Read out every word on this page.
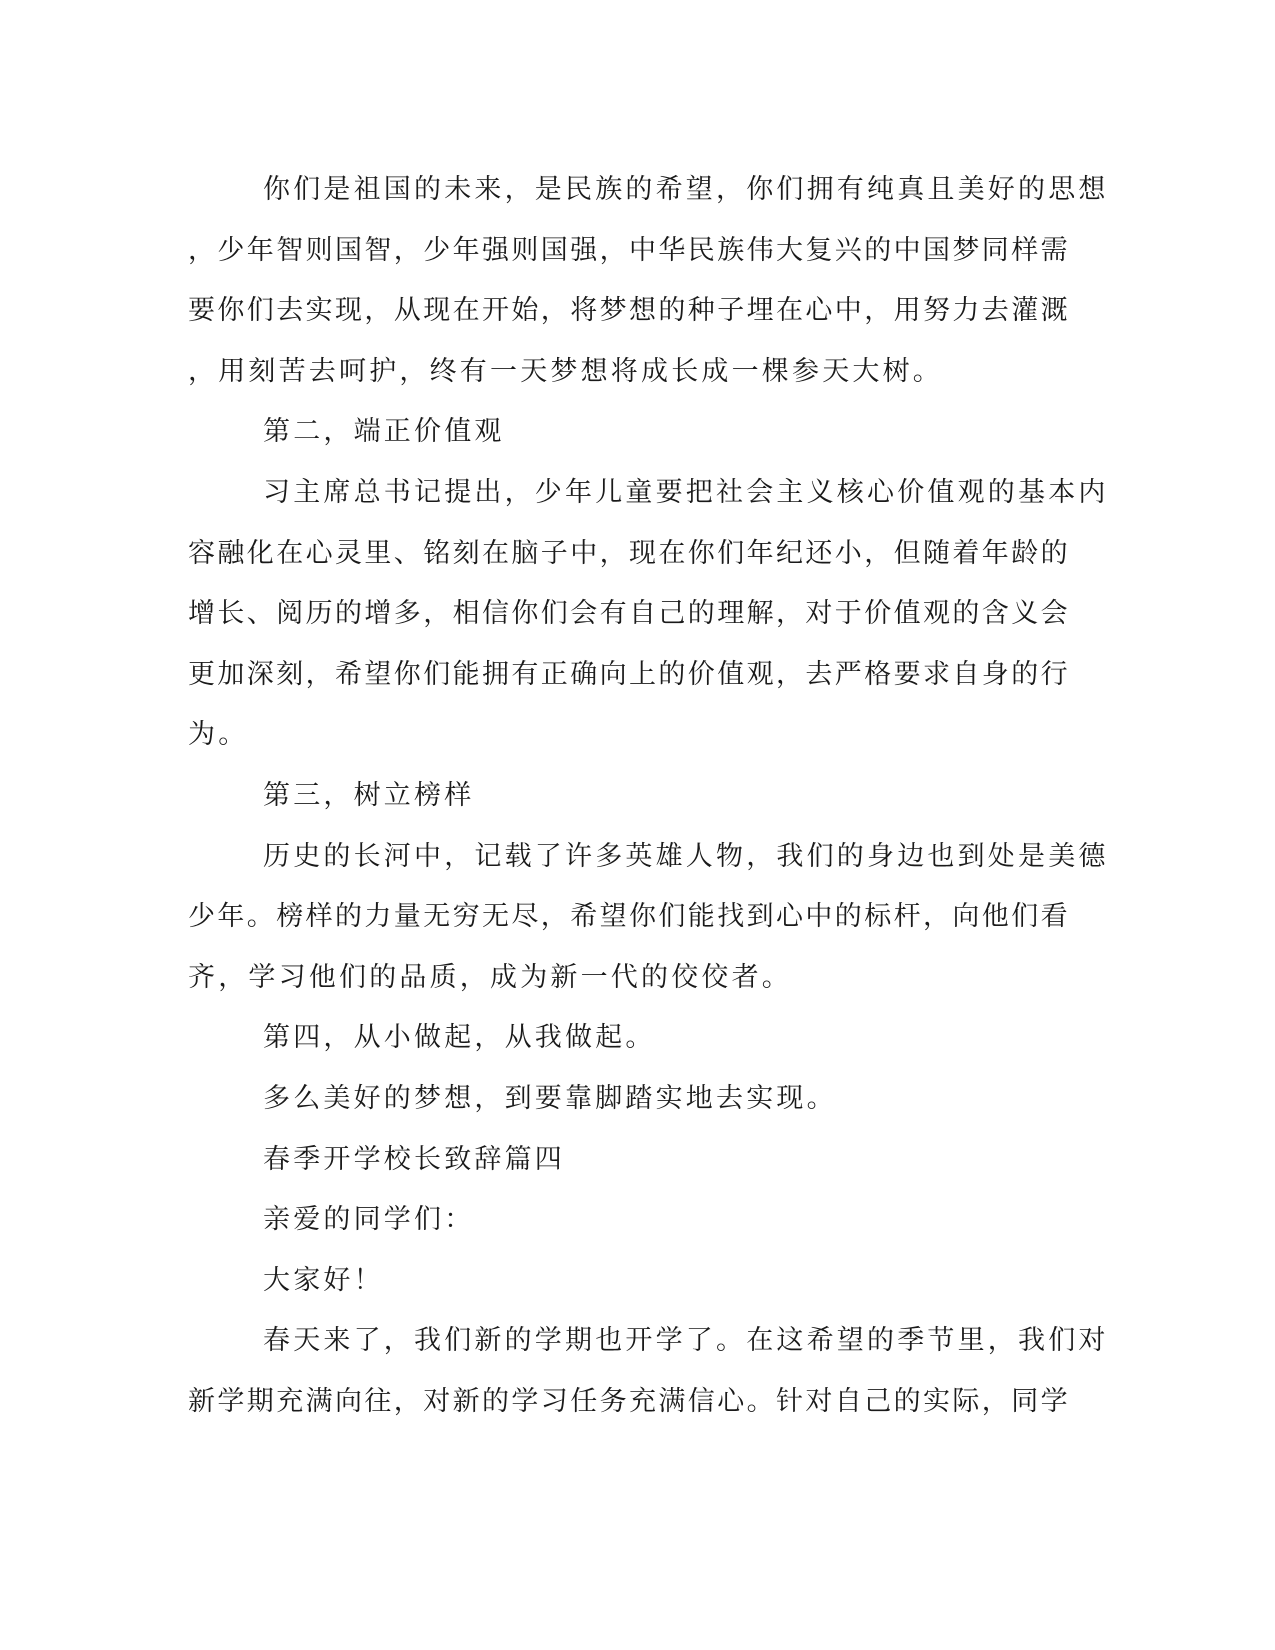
你们是祖国的未来，是民族的希望，你们拥有纯真且美好的思想
，少年智则国智，少年强则国强，中华民族伟大复兴的中国梦同样需
要你们去实现，从现在开始，将梦想的种子埋在心中，用努力去灌溉
，用刻苦去呵护，终有一天梦想将成长成一棵参天大树。
第二，端正价值观
习主席总书记提出，少年儿童要把社会主义核心价值观的基本内
容融化在心灵里、铭刻在脑子中，现在你们年纪还小，但随着年龄的
增长、阅历的增多，相信你们会有自己的理解，对于价值观的含义会
更加深刻，希望你们能拥有正确向上的价值观，去严格要求自身的行
为。
第三，树立榜样
历史的长河中，记载了许多英雄人物，我们的身边也到处是美德
少年。榜样的力量无穷无尽，希望你们能找到心中的标杆，向他们看
齐，学习他们的品质，成为新一代的佼佼者。
第四，从小做起，从我做起。
多么美好的梦想，到要靠脚踏实地去实现。
春季开学校长致辞篇四
亲爱的同学们：
大家好！
春天来了，我们新的学期也开学了。在这希望的季节里，我们对
新学期充满向往，对新的学习任务充满信心。针对自己的实际，同学
